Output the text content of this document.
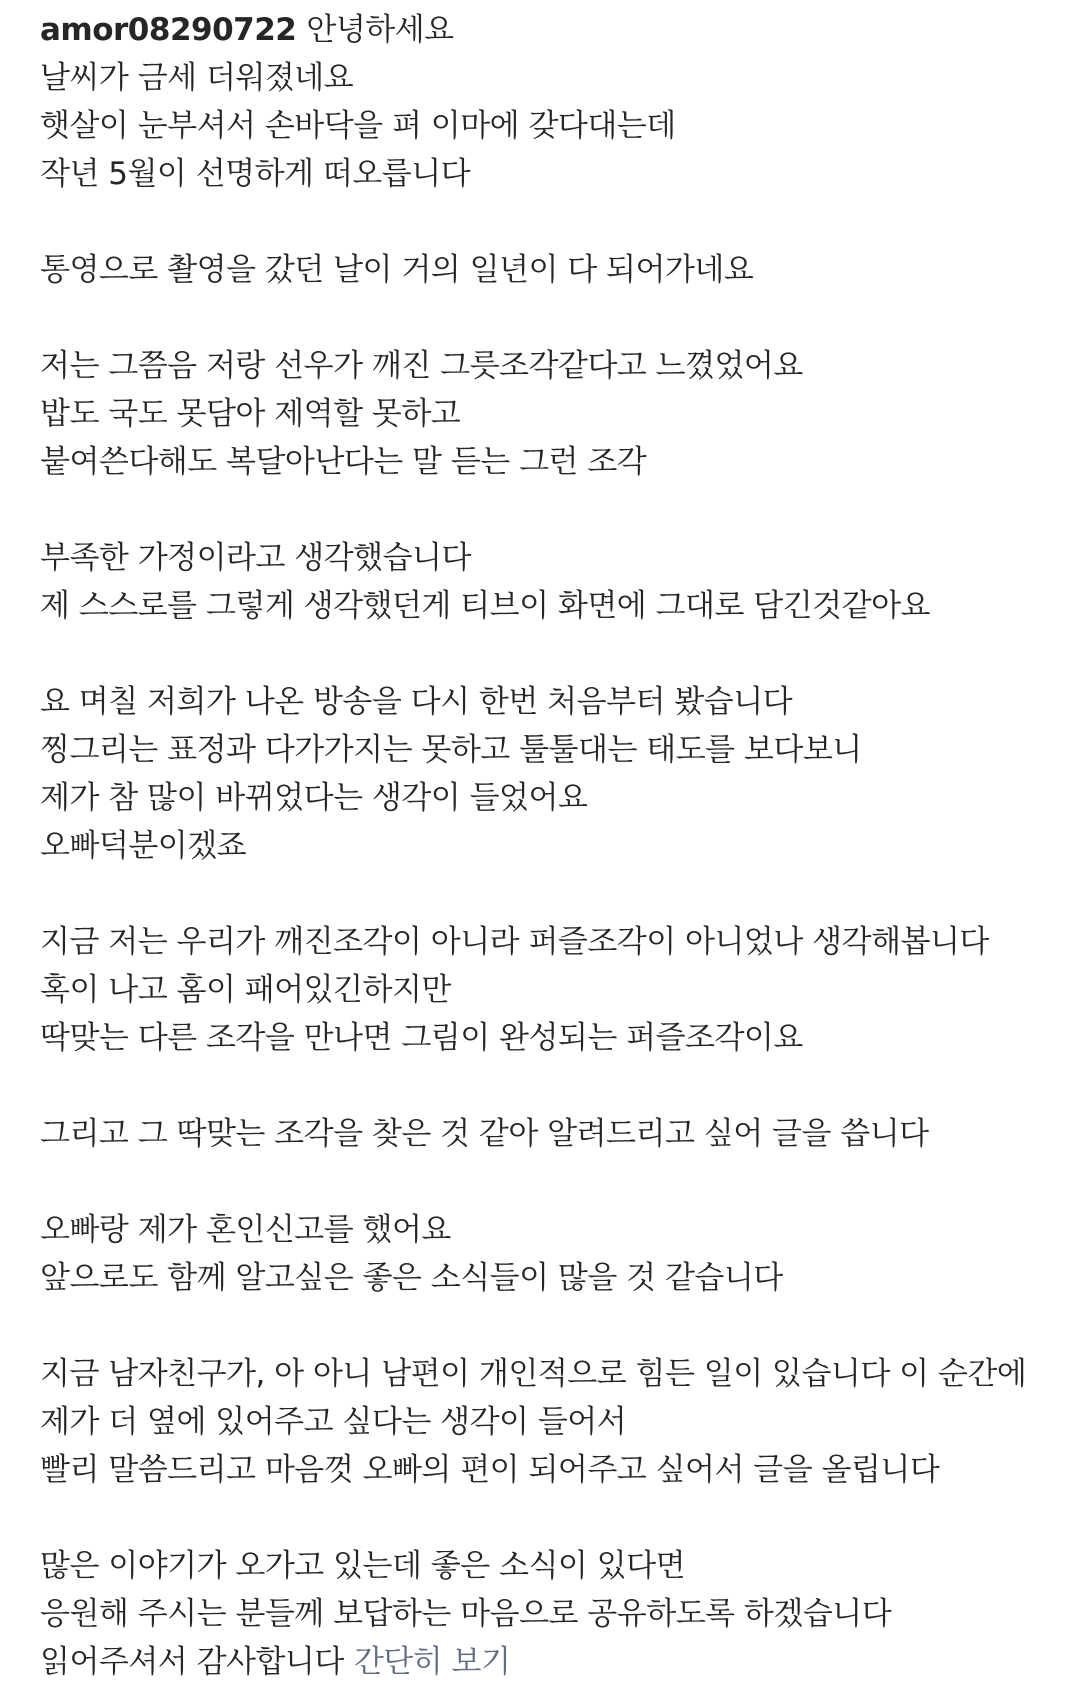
amor08290722 안녕하세요
날씨가 금세 더워졌네요
햇살이 눈부셔서 손바닥을 펴 이마에 갖다대는데
작년 5월이 선명하게 떠오릅니다
통영으로 촬영을 갔던 날이 거의 일년이 다 되어가네요
저는 그쯤음 저랑 선우가 깨진 그릇조각같다고 느꼈었어요
밥도 국도 못담아 제역할 못하고
붙여쓴다해도 복달아난다는 말 듣는 그런 조각
부족한 가정이라고 생각했습니다
제 스스로를 그렇게 생각했던게 티브이 화면에 그대로 담긴것같아요
요 며칠 저희가 나온 방송을 다시 한번 처음부터 봤습니다
찡그리는 표정과 다가가지는 못하고 툴툴대는 태도를 보다보니
제가 참 많이 바뀌었다는 생각이 들었어요
오빠덕분이겠죠
지금 저는 우리가 깨진조각이 아니라 퍼즐조각이 아니었나 생각해봅니다
혹이 나고 홈이 패어있긴하지만
딱맞는 다른 조각을 만나면 그림이 완성되는 퍼즐조각이요
그리고 그 딱맞는 조각을 찾은 것 같아 알려드리고 싶어 글을 씁니다
오빠랑 제가 혼인신고를 했어요
앞으로도 함께 알고싶은 좋은 소식들이 많을 것 같습니다
지금 남자친구가, 아 아니 남편이 개인적으로 힘든 일이 있습니다 이 순간에
제가 더 옆에 있어주고 싶다는 생각이 들어서
빨리 말씀드리고 마음껏 오빠의 편이 되어주고 싶어서 글을 올립니다
많은 이야기가 오가고 있는데 좋은 소식이 있다면
응원해 주시는 분들께 보답하는 마음으로 공유하도록 하겠습니다
읽어주셔서 감사합니다 간단히 보기
